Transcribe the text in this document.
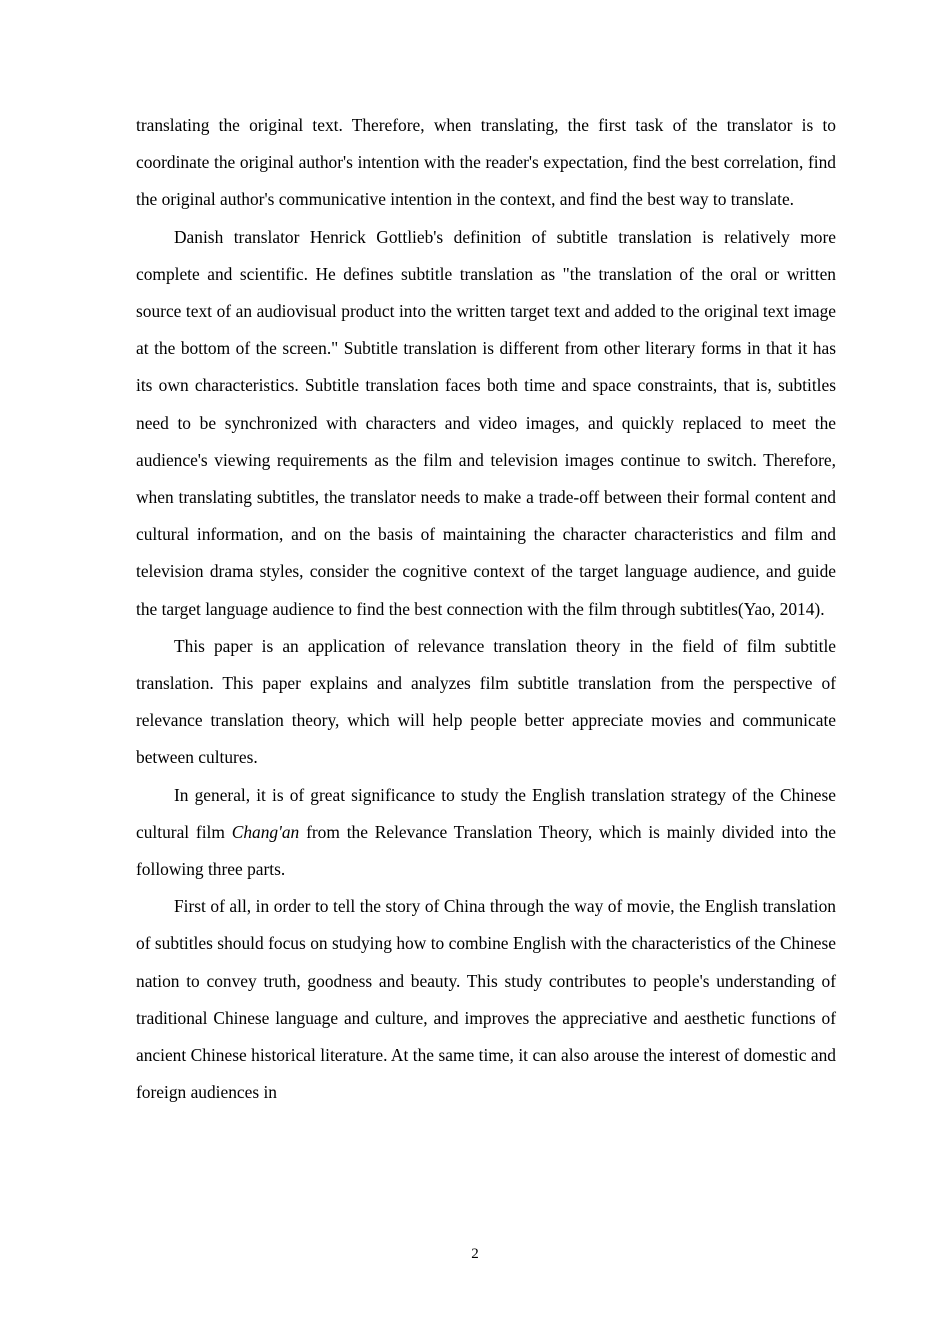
translating the original text. Therefore, when translating, the first task of the translator is to coordinate the original author's intention with the reader's expectation, find the best correlation, find the original author's communicative intention in the context, and find the best way to translate.

Danish translator Henrick Gottlieb's definition of subtitle translation is relatively more complete and scientific. He defines subtitle translation as "the translation of the oral or written source text of an audiovisual product into the written target text and added to the original text image at the bottom of the screen." Subtitle translation is different from other literary forms in that it has its own characteristics. Subtitle translation faces both time and space constraints, that is, subtitles need to be synchronized with characters and video images, and quickly replaced to meet the audience's viewing requirements as the film and television images continue to switch. Therefore, when translating subtitles, the translator needs to make a trade-off between their formal content and cultural information, and on the basis of maintaining the character characteristics and film and television drama styles, consider the cognitive context of the target language audience, and guide the target language audience to find the best connection with the film through subtitles(Yao, 2014).

This paper is an application of relevance translation theory in the field of film subtitle translation. This paper explains and analyzes film subtitle translation from the perspective of relevance translation theory, which will help people better appreciate movies and communicate between cultures.

In general, it is of great significance to study the English translation strategy of the Chinese cultural film Chang'an from the Relevance Translation Theory, which is mainly divided into the following three parts.

First of all, in order to tell the story of China through the way of movie, the English translation of subtitles should focus on studying how to combine English with the characteristics of the Chinese nation to convey truth, goodness and beauty. This study contributes to people's understanding of traditional Chinese language and culture, and improves the appreciative and aesthetic functions of ancient Chinese historical literature. At the same time, it can also arouse the interest of domestic and foreign audiences in

2
